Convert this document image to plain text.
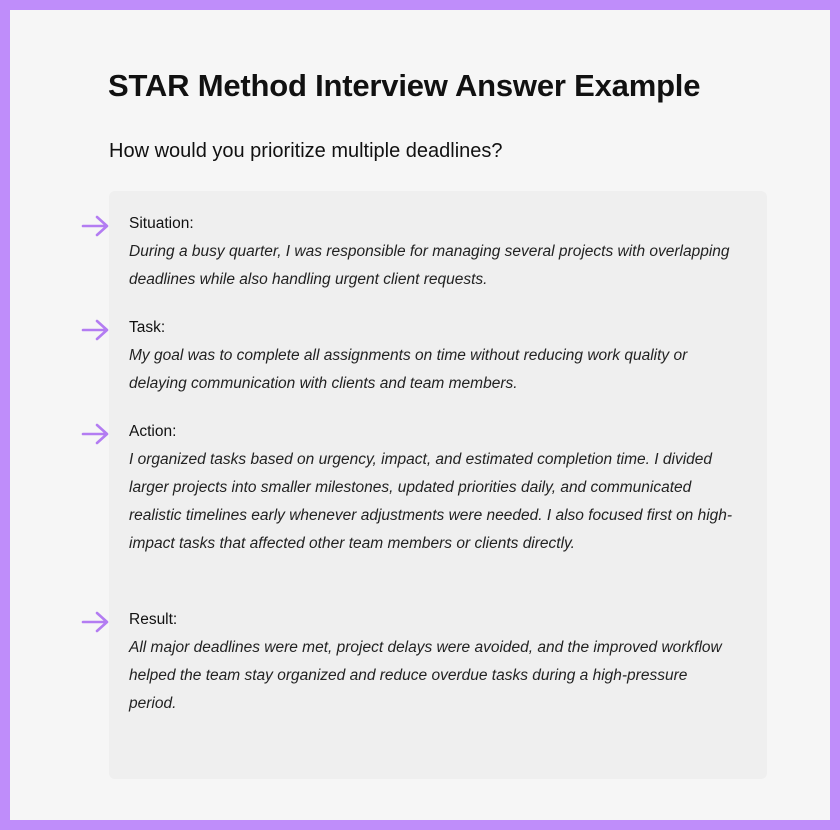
STAR Method Interview Answer Example
How would you prioritize multiple deadlines?
Situation:
During a busy quarter, I was responsible for managing several projects with overlapping deadlines while also handling urgent client requests.
Task:
My goal was to complete all assignments on time without reducing work quality or delaying communication with clients and team members.
Action:
I organized tasks based on urgency, impact, and estimated completion time. I divided larger projects into smaller milestones, updated priorities daily, and communicated realistic timelines early whenever adjustments were needed. I also focused first on high-impact tasks that affected other team members or clients directly.
Result:
All major deadlines were met, project delays were avoided, and the improved workflow helped the team stay organized and reduce overdue tasks during a high-pressure period.
